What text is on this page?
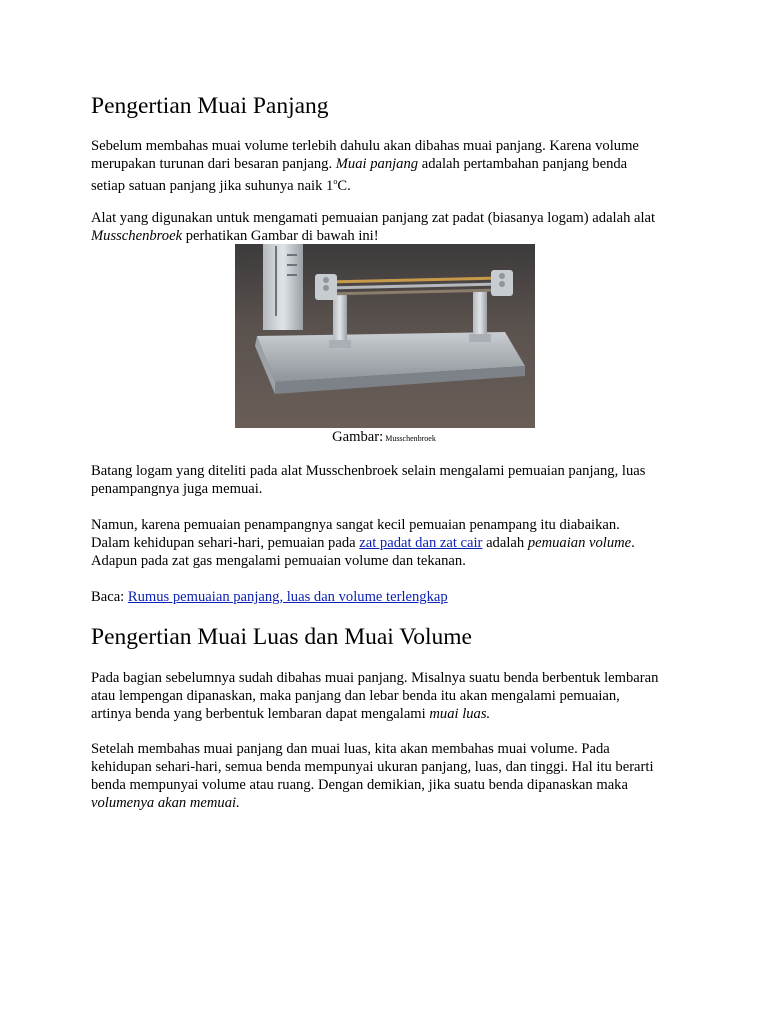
Pengertian Muai Panjang

Sebelum membahas muai volume terlebih dahulu akan dibahas muai panjang. Karena volume
merupakan turunan dari besaran panjang. Muai panjang adalah pertambahan panjang benda
setiap satuan panjang jika suhunya naik 1$^o$C.

Alat yang digunakan untuk mengamati pemuaian panjang zat padat (biasanya logam) adalah alat
Musschenbroek perhatikan Gambar di bawah ini!

Gambar: Musschenbroek

Batang logam yang diteliti pada alat Musschenbroek selain mengalami pemuaian panjang, luas
penampangnya juga memuai.

Namun, karena pemuaian penampangnya sangat kecil pemuaian penampang itu diabaikan.
Dalam kehidupan sehari-hari, pemuaian pada zat padat dan zat cair adalah pemuaian volume.
Adapun pada zat gas mengalami pemuaian volume dan tekanan.

Baca: Rumus pemuaian panjang, luas dan volume terlengkap

Pengertian Muai Luas dan Muai Volume

Pada bagian sebelumnya sudah dibahas muai panjang. Misalnya suatu benda berbentuk lembaran
atau lempengan dipanaskan, maka panjang dan lebar benda itu akan mengalami pemuaian,
artinya benda yang berbentuk lembaran dapat mengalami muai luas.

Setelah membahas muai panjang dan muai luas, kita akan membahas muai volume. Pada
kehidupan sehari-hari, semua benda mempunyai ukuran panjang, luas, dan tinggi. Hal itu berarti
benda mempunyai volume atau ruang. Dengan demikian, jika suatu benda dipanaskan maka
volumenya akan memuai.
